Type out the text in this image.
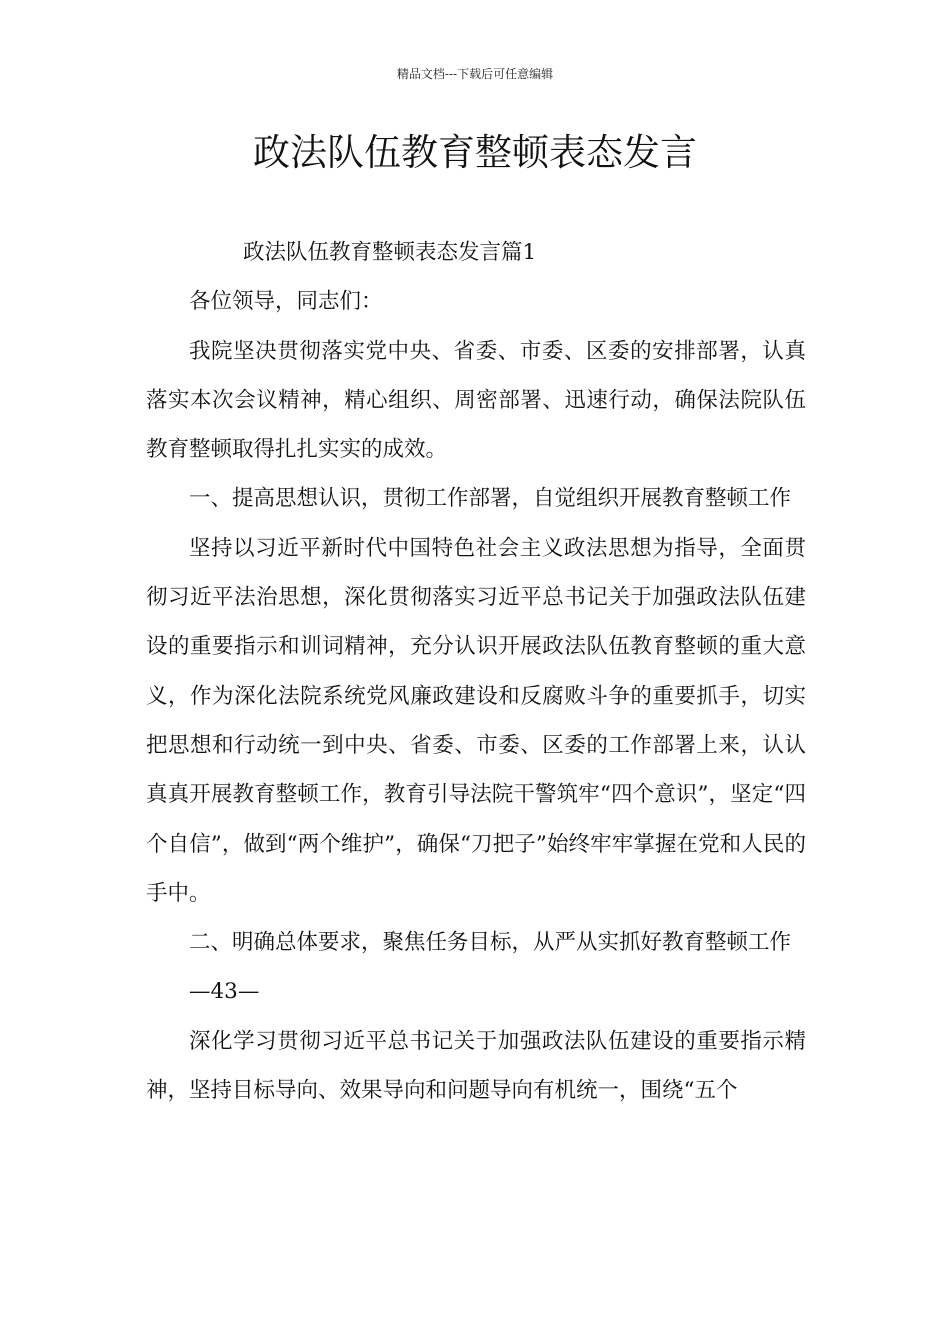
精品文档---下载后可任意编辑
政法队伍教育整顿表态发言

政法队伍教育整顿表态发言篇1

各位领导，同志们：

我院坚决贯彻落实党中央、省委、市委、区委的安排部署，认真落实本次会议精神，精心组织、周密部署、迅速行动，确保法院队伍教育整顿取得扎扎实实的成效。

一、提高思想认识，贯彻工作部署，自觉组织开展教育整顿工作

坚持以习近平新时代中国特色社会主义政法思想为指导，全面贯彻习近平法治思想，深化贯彻落实习近平总书记关于加强政法队伍建设的重要指示和训词精神，充分认识开展政法队伍教育整顿的重大意义，作为深化法院系统党风廉政建设和反腐败斗争的重要抓手，切实把思想和行动统一到中央、省委、市委、区委的工作部署上来，认认真真开展教育整顿工作，教育引导法院干警筑牢“四个意识”，坚定“四个自信”，做到“两个维护”，确保“刀把子”始终牢牢掌握在党和人民的手中。

二、明确总体要求，聚焦任务目标，从严从实抓好教育整顿工作

—43—

深化学习贯彻习近平总书记关于加强政法队伍建设的重要指示精神，坚持目标导向、效果导向和问题导向有机统一，围绕“五个
